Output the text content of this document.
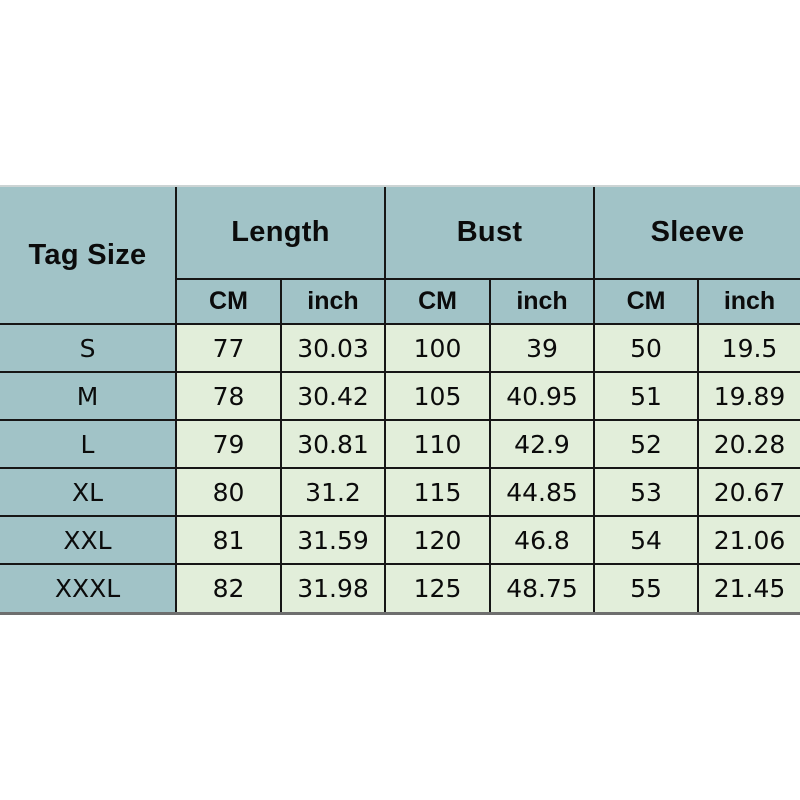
Tag Size	Length		Bust		Sleeve	
	CM	inch	CM	inch	CM	inch
S	77	30.03	100	39	50	19.5
M	78	30.42	105	40.95	51	19.89
L	79	30.81	110	42.9	52	20.28
XL	80	31.2	115	44.85	53	20.67
XXL	81	31.59	120	46.8	54	21.06
XXXL	82	31.98	125	48.75	55	21.45
